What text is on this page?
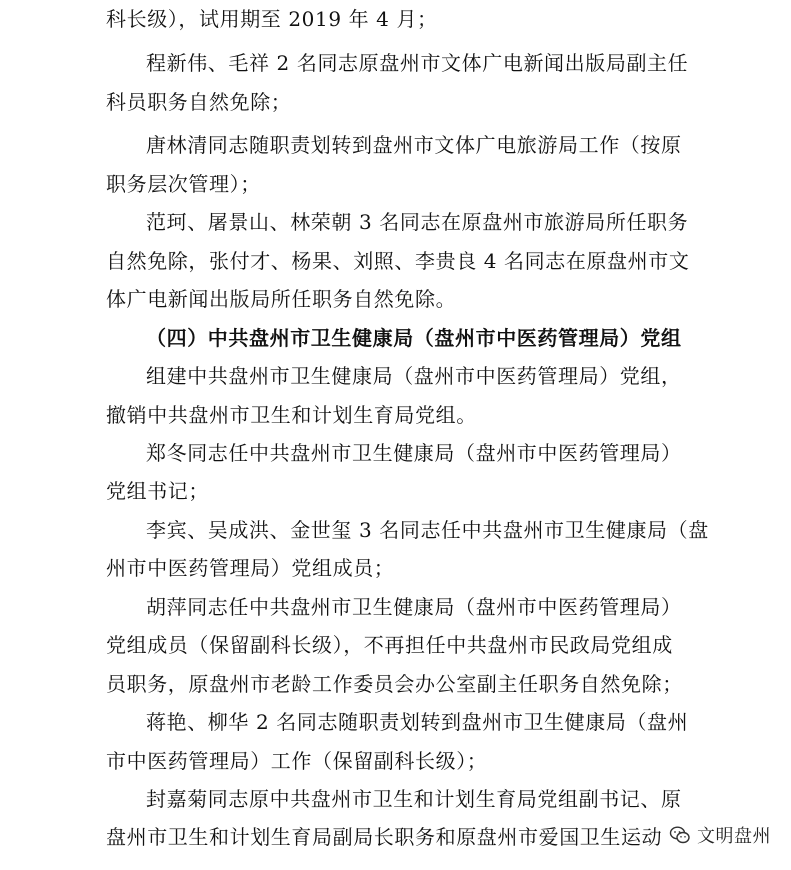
科长级），试用期至 2019 年 4 月；
程新伟、毛祥 2 名同志原盘州市文体广电新闻出版局副主任
科员职务自然免除；
唐林清同志随职责划转到盘州市文体广电旅游局工作（按原
职务层次管理）；
范珂、屠景山、林荣朝 3 名同志在原盘州市旅游局所任职务
自然免除，张付才、杨果、刘照、李贵良 4 名同志在原盘州市文
体广电新闻出版局所任职务自然免除。
（四）中共盘州市卫生健康局（盘州市中医药管理局）党组
组建中共盘州市卫生健康局（盘州市中医药管理局）党组，
撤销中共盘州市卫生和计划生育局党组。
郑冬同志任中共盘州市卫生健康局（盘州市中医药管理局）
党组书记；
李宾、吴成洪、金世玺 3 名同志任中共盘州市卫生健康局（盘
州市中医药管理局）党组成员；
胡萍同志任中共盘州市卫生健康局（盘州市中医药管理局）
党组成员（保留副科长级），不再担任中共盘州市民政局党组成
员职务，原盘州市老龄工作委员会办公室副主任职务自然免除；
蒋艳、柳华 2 名同志随职责划转到盘州市卫生健康局（盘州
市中医药管理局）工作（保留副科长级）；
封嘉菊同志原中共盘州市卫生和计划生育局党组副书记、原
盘州市卫生和计划生育局副局长职务和原盘州市爱国卫生运动	文明盘州
